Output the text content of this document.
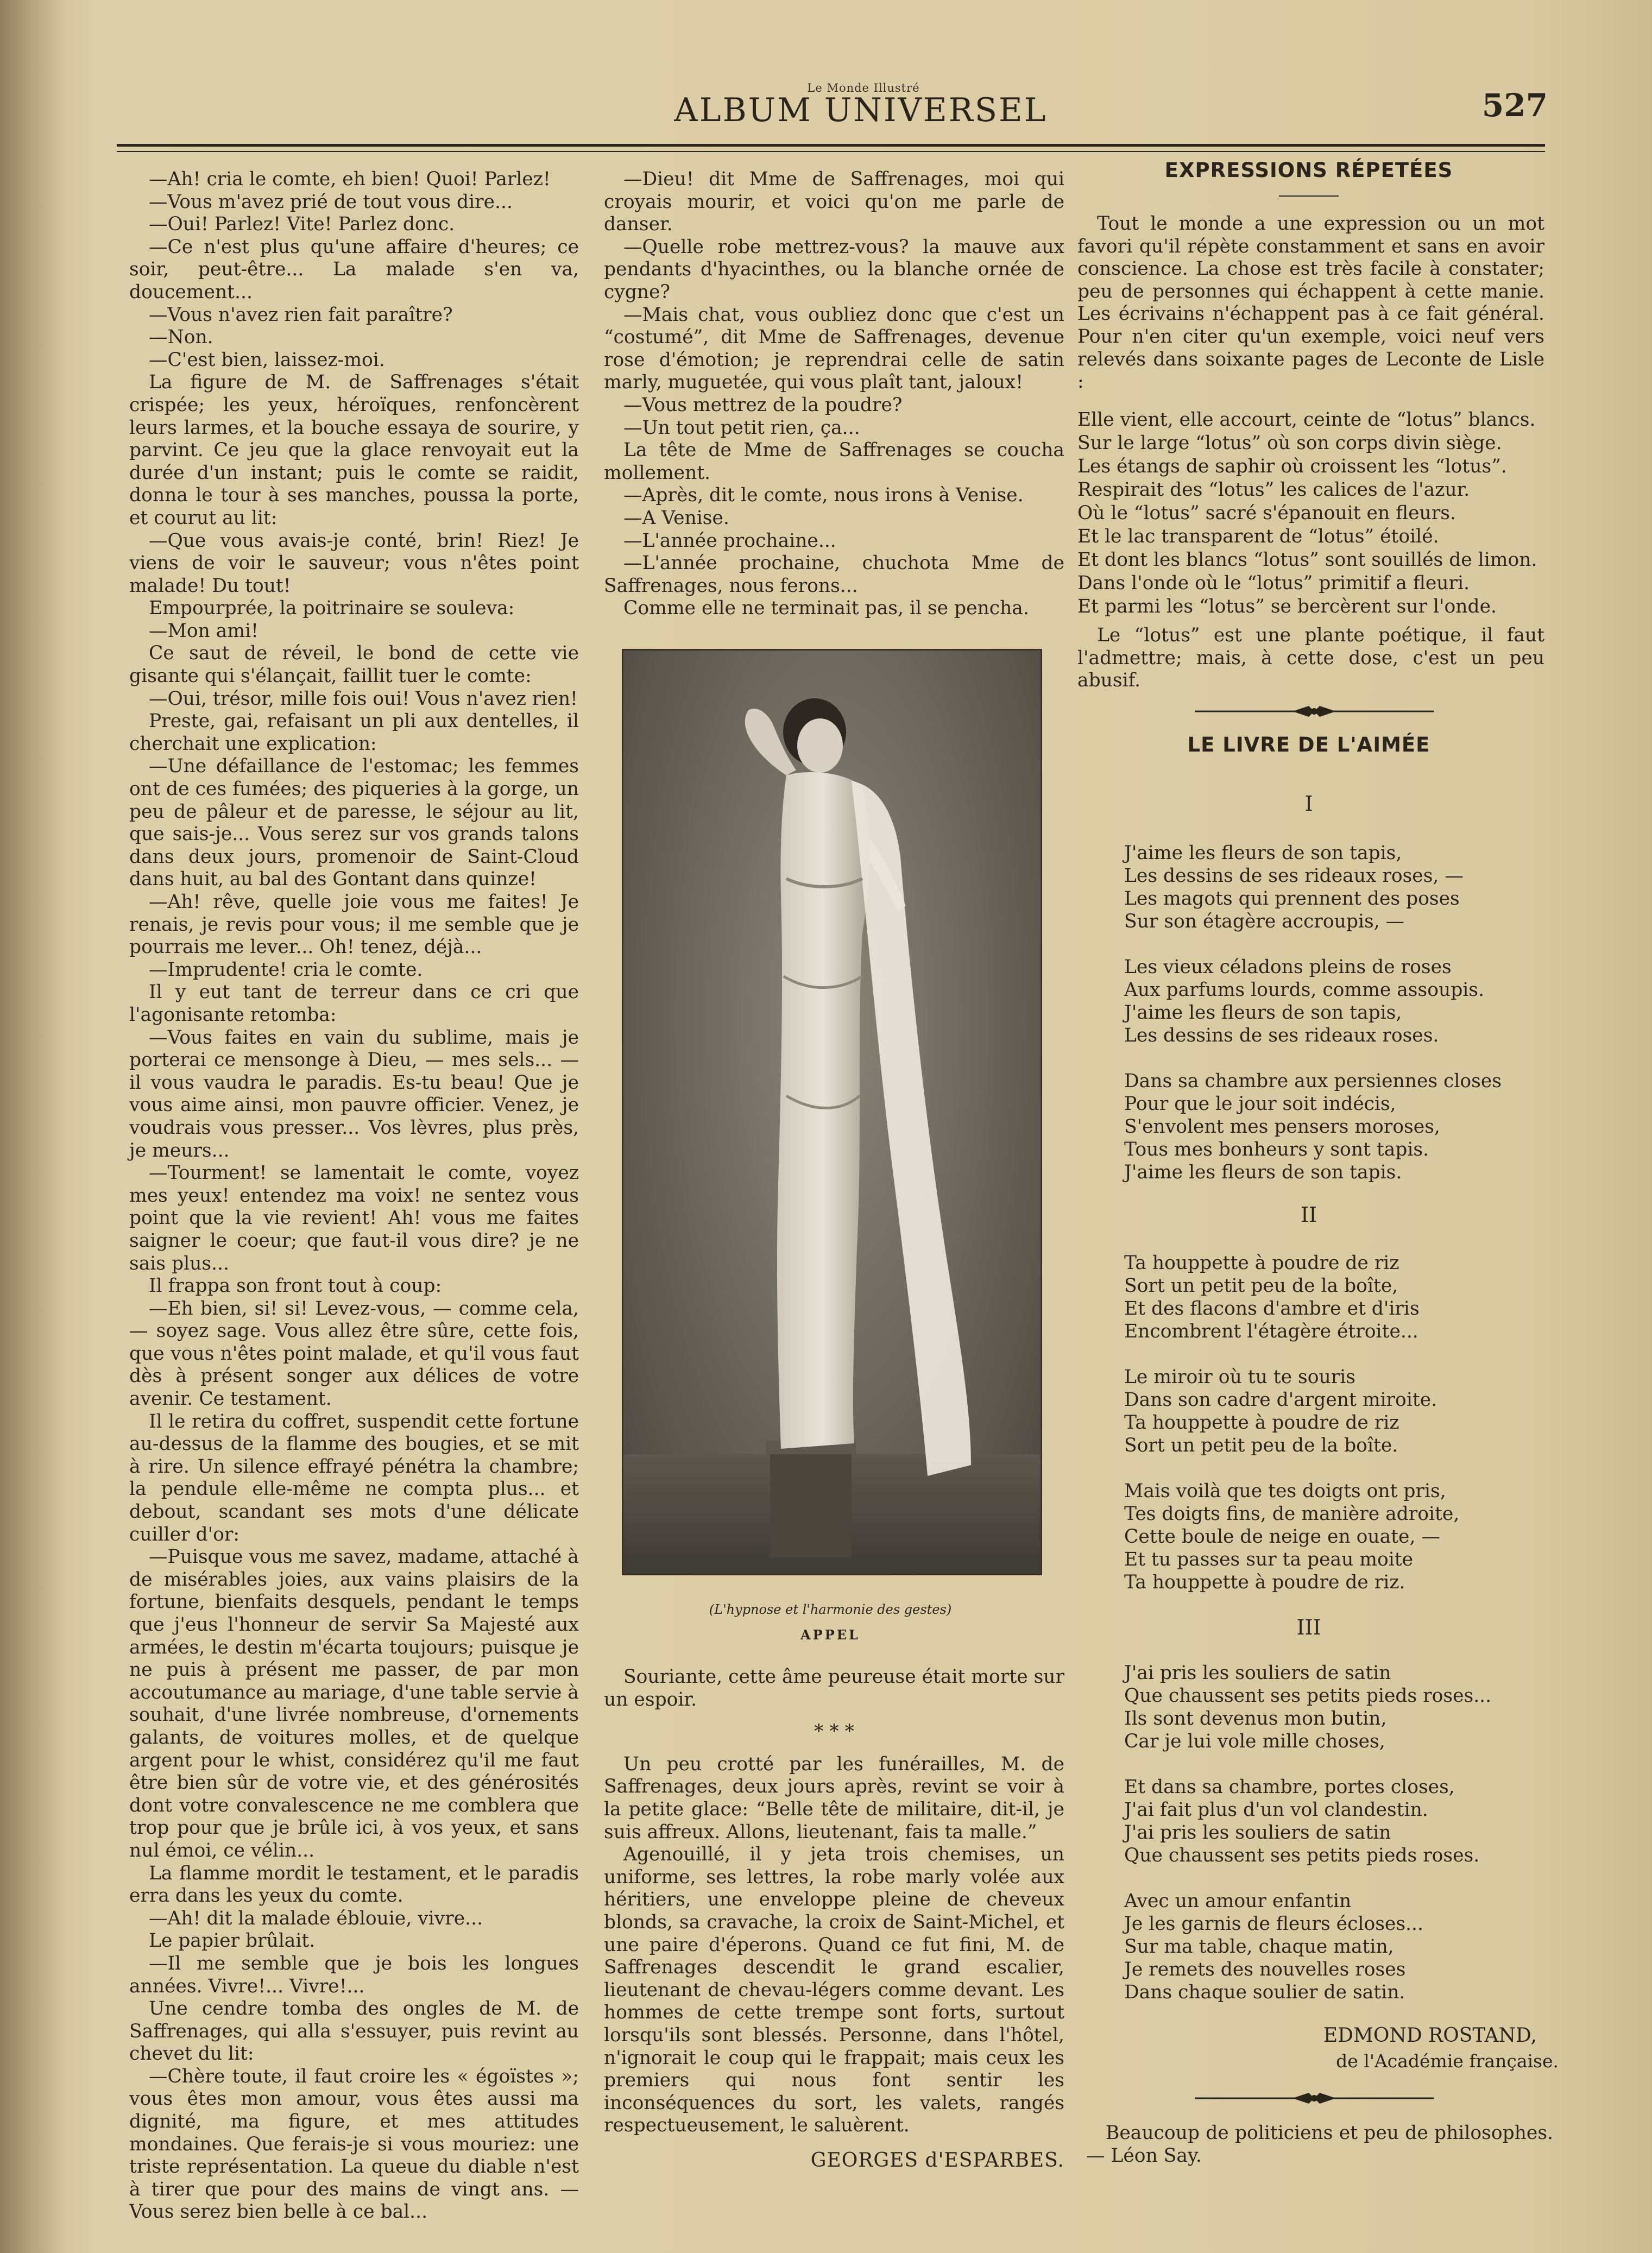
Le Monde Illustré
ALBUM UNIVERSEL	527

—Ah! cria le comte, eh bien! Quoi! Parlez!

—Vous m'avez prié de tout vous dire...

—Oui! Parlez! Vite! Parlez donc.

—Ce n'est plus qu'une affaire d'heures; ce soir, peut-être... La malade s'en va, doucement...

—Vous n'avez rien fait paraître?

—Non.

—C'est bien, laissez-moi.

La figure de M. de Saffrenages s'était crispée; les yeux, héroïques, renfoncèrent leurs larmes, et la bouche essaya de sourire, y parvint. Ce jeu que la glace renvoyait eut la durée d'un instant; puis le comte se raidit, donna le tour à ses manches, poussa la porte, et courut au lit:

—Que vous avais-je conté, brin! Riez! Je viens de voir le sauveur; vous n'êtes point malade! Du tout!

Empourprée, la poitrinaire se souleva:

—Mon ami!

Ce saut de réveil, le bond de cette vie gisante qui s'élançait, faillit tuer le comte:

—Oui, trésor, mille fois oui! Vous n'avez rien!

Preste, gai, refaisant un pli aux dentelles, il cherchait une explication:

—Une défaillance de l'estomac; les femmes ont de ces fumées; des piqueries à la gorge, un peu de pâleur et de paresse, le séjour au lit, que sais-je... Vous serez sur vos grands talons dans deux jours, promenoir de Saint-Cloud dans huit, au bal des Gontant dans quinze!

—Ah! rêve, quelle joie vous me faites! Je renais, je revis pour vous; il me semble que je pourrais me lever... Oh! tenez, déjà...

—Imprudente! cria le comte.

Il y eut tant de terreur dans ce cri que l'agonisante retomba:

—Vous faites en vain du sublime, mais je porterai ce mensonge à Dieu, — mes sels... — il vous vaudra le paradis. Es-tu beau! Que je vous aime ainsi, mon pauvre officier. Venez, je voudrais vous presser... Vos lèvres, plus près, je meurs...

—Tourment! se lamentait le comte, voyez mes yeux! entendez ma voix! ne sentez vous point que la vie revient! Ah! vous me faites saigner le coeur; que faut-il vous dire? je ne sais plus...

Il frappa son front tout à coup:

—Eh bien, si! si! Levez-vous, — comme cela, — soyez sage. Vous allez être sûre, cette fois, que vous n'êtes point malade, et qu'il vous faut dès à présent songer aux délices de votre avenir. Ce testament.

Il le retira du coffret, suspendit cette fortune au-dessus de la flamme des bougies, et se mit à rire. Un silence effrayé pénétra la chambre; la pendule elle-même ne compta plus... et debout, scandant ses mots d'une délicate cuiller d'or:

—Puisque vous me savez, madame, attaché à de misérables joies, aux vains plaisirs de la fortune, bienfaits desquels, pendant le temps que j'eus l'honneur de servir Sa Majesté aux armées, le destin m'écarta toujours; puisque je ne puis à présent me passer, de par mon accoutumance au mariage, d'une table servie à souhait, d'une livrée nombreuse, d'ornements galants, de voitures molles, et de quelque argent pour le whist, considérez qu'il me faut être bien sûr de votre vie, et des générosités dont votre convalescence ne me comblera que trop pour que je brûle ici, à vos yeux, et sans nul émoi, ce vélin...

La flamme mordit le testament, et le paradis erra dans les yeux du comte.

—Ah! dit la malade éblouie, vivre...

Le papier brûlait.

—Il me semble que je bois les longues années. Vivre!... Vivre!...

Une cendre tomba des ongles de M. de Saffrenages, qui alla s'essuyer, puis revint au chevet du lit:

—Chère toute, il faut croire les « égoïstes »; vous êtes mon amour, vous êtes aussi ma dignité, ma figure, et mes attitudes mondaines. Que ferais-je si vous mouriez: une triste représentation. La queue du diable n'est à tirer que pour des mains de vingt ans. — Vous serez bien belle à ce bal...

—Dieu! dit Mme de Saffrenages, moi qui croyais mourir, et voici qu'on me parle de danser.

—Quelle robe mettrez-vous? la mauve aux pendants d'hyacinthes, ou la blanche ornée de cygne?

—Mais chat, vous oubliez donc que c'est un “costumé”, dit Mme de Saffrenages, devenue rose d'émotion; je reprendrai celle de satin marly, muguetée, qui vous plaît tant, jaloux!

—Vous mettrez de la poudre?

—Un tout petit rien, ça...

La tête de Mme de Saffrenages se coucha mollement.

—Après, dit le comte, nous irons à Venise.

—A Venise.

—L'année prochaine...

—L'année prochaine, chuchota Mme de Saffrenages, nous ferons...

Comme elle ne terminait pas, il se pencha.

(L'hypnose et l'harmonie des gestes)
APPEL

Souriante, cette âme peureuse était morte sur un espoir.

* * *

Un peu crotté par les funérailles, M. de Saffrenages, deux jours après, revint se voir à la petite glace: “Belle tête de militaire, dit-il, je suis affreux. Allons, lieutenant, fais ta malle.”

Agenouillé, il y jeta trois chemises, un uniforme, ses lettres, la robe marly volée aux héritiers, une enveloppe pleine de cheveux blonds, sa cravache, la croix de Saint-Michel, et une paire d'éperons. Quand ce fut fini, M. de Saffrenages descendit le grand escalier, lieutenant de chevau-légers comme devant. Les hommes de cette trempe sont forts, surtout lorsqu'ils sont blessés. Personne, dans l'hôtel, n'ignorait le coup qui le frappait; mais ceux les premiers qui nous font sentir les inconséquences du sort, les valets, rangés respectueusement, le saluèrent.

GEORGES d'ESPARBES.
EXPRESSIONS RÉPETÉES

Tout le monde a une expression ou un mot favori qu'il répète constamment et sans en avoir conscience. La chose est très facile à constater; peu de personnes qui échappent à cette manie. Les écrivains n'échappent pas à ce fait général. Pour n'en citer qu'un exemple, voici neuf vers relevés dans soixante pages de Leconte de Lisle :

Elle vient, elle accourt, ceinte de “lotus” blancs.
Sur le large “lotus” où son corps divin siège.
Les étangs de saphir où croissent les “lotus”.
Respirait des “lotus” les calices de l'azur.
Où le “lotus” sacré s'épanouit en fleurs.
Et le lac transparent de “lotus” étoilé.
Et dont les blancs “lotus” sont souillés de limon.
Dans l'onde où le “lotus” primitif a fleuri.
Et parmi les “lotus” se bercèrent sur l'onde.

Le “lotus” est une plante poétique, il faut l'admettre; mais, à cette dose, c'est un peu abusif.

LE LIVRE DE L'AIMÉE
I
II
III
J'aime les fleurs de son tapis,
Les dessins de ses rideaux roses, —
Les magots qui prennent des poses
Sur son étagère accroupis, —
Les vieux céladons pleins de roses
Aux parfums lourds, comme assoupis.
J'aime les fleurs de son tapis,
Les dessins de ses rideaux roses.
Dans sa chambre aux persiennes closes
Pour que le jour soit indécis,
S'envolent mes pensers moroses,
Tous mes bonheurs y sont tapis.
J'aime les fleurs de son tapis.
Ta houppette à poudre de riz
Sort un petit peu de la boîte,
Et des flacons d'ambre et d'iris
Encombrent l'étagère étroite...
Le miroir où tu te souris
Dans son cadre d'argent miroite.
Ta houppette à poudre de riz
Sort un petit peu de la boîte.
Mais voilà que tes doigts ont pris,
Tes doigts fins, de manière adroite,
Cette boule de neige en ouate, —
Et tu passes sur ta peau moite
Ta houppette à poudre de riz.
J'ai pris les souliers de satin
Que chaussent ses petits pieds roses...
Ils sont devenus mon butin,
Car je lui vole mille choses,
Et dans sa chambre, portes closes,
J'ai fait plus d'un vol clandestin.
J'ai pris les souliers de satin
Que chaussent ses petits pieds roses.
Avec un amour enfantin
Je les garnis de fleurs écloses...
Sur ma table, chaque matin,
Je remets des nouvelles roses
Dans chaque soulier de satin.
EDMOND ROSTAND,
de l'Académie française.

Beaucoup de politiciens et peu de philosophes. — Léon Say.
